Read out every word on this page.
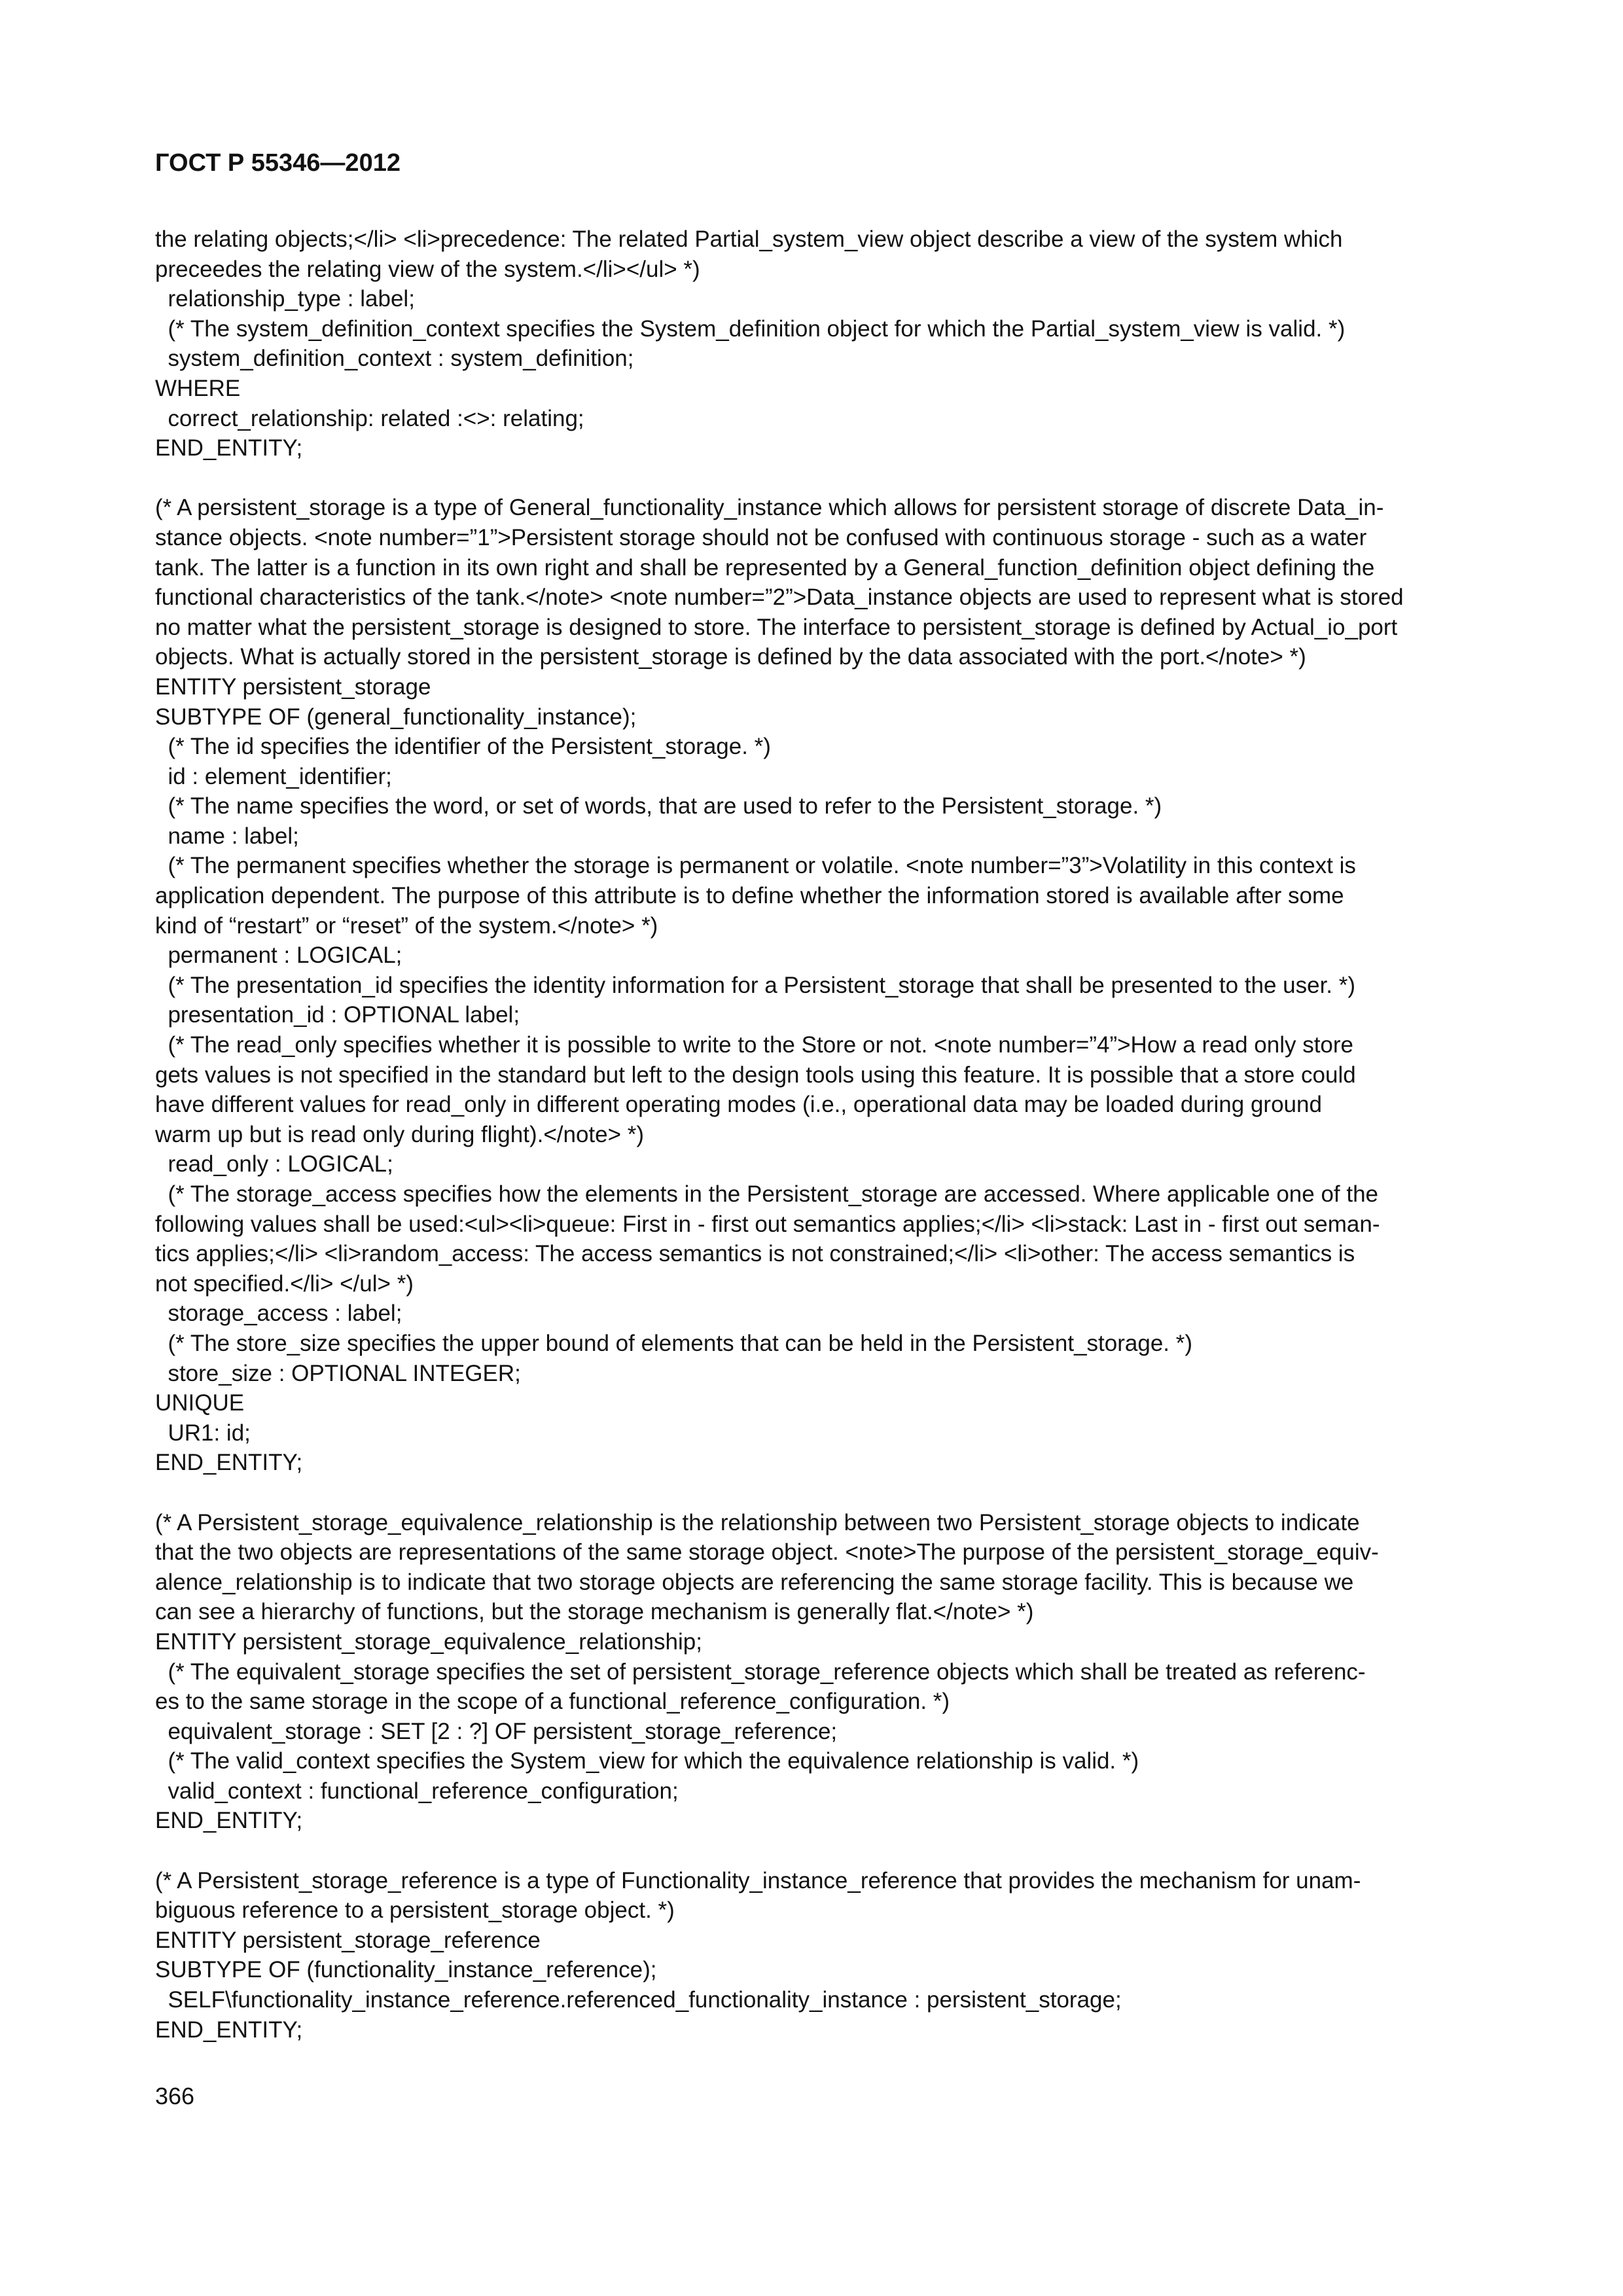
ГОСТ Р 55346—2012
the relating objects;</li> <li>precedence: The related Partial_system_view object describe a view of the system which
preceedes the relating view of the system.</li></ul> *)
relationship_type : label;
(* The system_definition_context specifies the System_definition object for which the Partial_system_view is valid. *)
system_definition_context : system_definition;
WHERE
correct_relationship: related :<>: relating;
END_ENTITY;
(* A persistent_storage is a type of General_functionality_instance which allows for persistent storage of discrete Data_in-
stance objects. <note number=”1”>Persistent storage should not be confused with continuous storage - such as a water
tank. The latter is a function in its own right and shall be represented by a General_function_definition object defining the
functional characteristics of the tank.</note> <note number=”2”>Data_instance objects are used to represent what is stored
no matter what the persistent_storage is designed to store. The interface to persistent_storage is defined by Actual_io_port
objects. What is actually stored in the persistent_storage is defined by the data associated with the port.</note> *)
ENTITY persistent_storage
SUBTYPE OF (general_functionality_instance);
(* The id specifies the identifier of the Persistent_storage. *)
id : element_identifier;
(* The name specifies the word, or set of words, that are used to refer to the Persistent_storage. *)
name : label;
(* The permanent specifies whether the storage is permanent or volatile. <note number=”3”>Volatility in this context is
application dependent. The purpose of this attribute is to define whether the information stored is available after some
kind of “restart” or “reset” of the system.</note> *)
permanent : LOGICAL;
(* The presentation_id specifies the identity information for a Persistent_storage that shall be presented to the user. *)
presentation_id : OPTIONAL label;
(* The read_only specifies whether it is possible to write to the Store or not. <note number=”4”>How a read only store
gets values is not specified in the standard but left to the design tools using this feature. It is possible that a store could
have different values for read_only in different operating modes (i.e., operational data may be loaded during ground
warm up but is read only during flight).</note> *)
read_only : LOGICAL;
(* The storage_access specifies how the elements in the Persistent_storage are accessed. Where applicable one of the
following values shall be used:<ul><li>queue: First in - first out semantics applies;</li> <li>stack: Last in - first out seman-
tics applies;</li> <li>random_access: The access semantics is not constrained;</li> <li>other: The access semantics is
not specified.</li> </ul> *)
storage_access : label;
(* The store_size specifies the upper bound of elements that can be held in the Persistent_storage. *)
store_size : OPTIONAL INTEGER;
UNIQUE
UR1: id;
END_ENTITY;
(* A Persistent_storage_equivalence_relationship is the relationship between two Persistent_storage objects to indicate
that the two objects are representations of the same storage object. <note>The purpose of the persistent_storage_equiv-
alence_relationship is to indicate that two storage objects are referencing the same storage facility. This is because we
can see a hierarchy of functions, but the storage mechanism is generally flat.</note> *)
ENTITY persistent_storage_equivalence_relationship;
(* The equivalent_storage specifies the set of persistent_storage_reference objects which shall be treated as referenc-
es to the same storage in the scope of a functional_reference_configuration. *)
equivalent_storage : SET [2 : ?] OF persistent_storage_reference;
(* The valid_context specifies the System_view for which the equivalence relationship is valid. *)
valid_context : functional_reference_configuration;
END_ENTITY;
(* A Persistent_storage_reference is a type of Functionality_instance_reference that provides the mechanism for unam-
biguous reference to a persistent_storage object. *)
ENTITY persistent_storage_reference
SUBTYPE OF (functionality_instance_reference);
SELF\functionality_instance_reference.referenced_functionality_instance : persistent_storage;
END_ENTITY;
366
